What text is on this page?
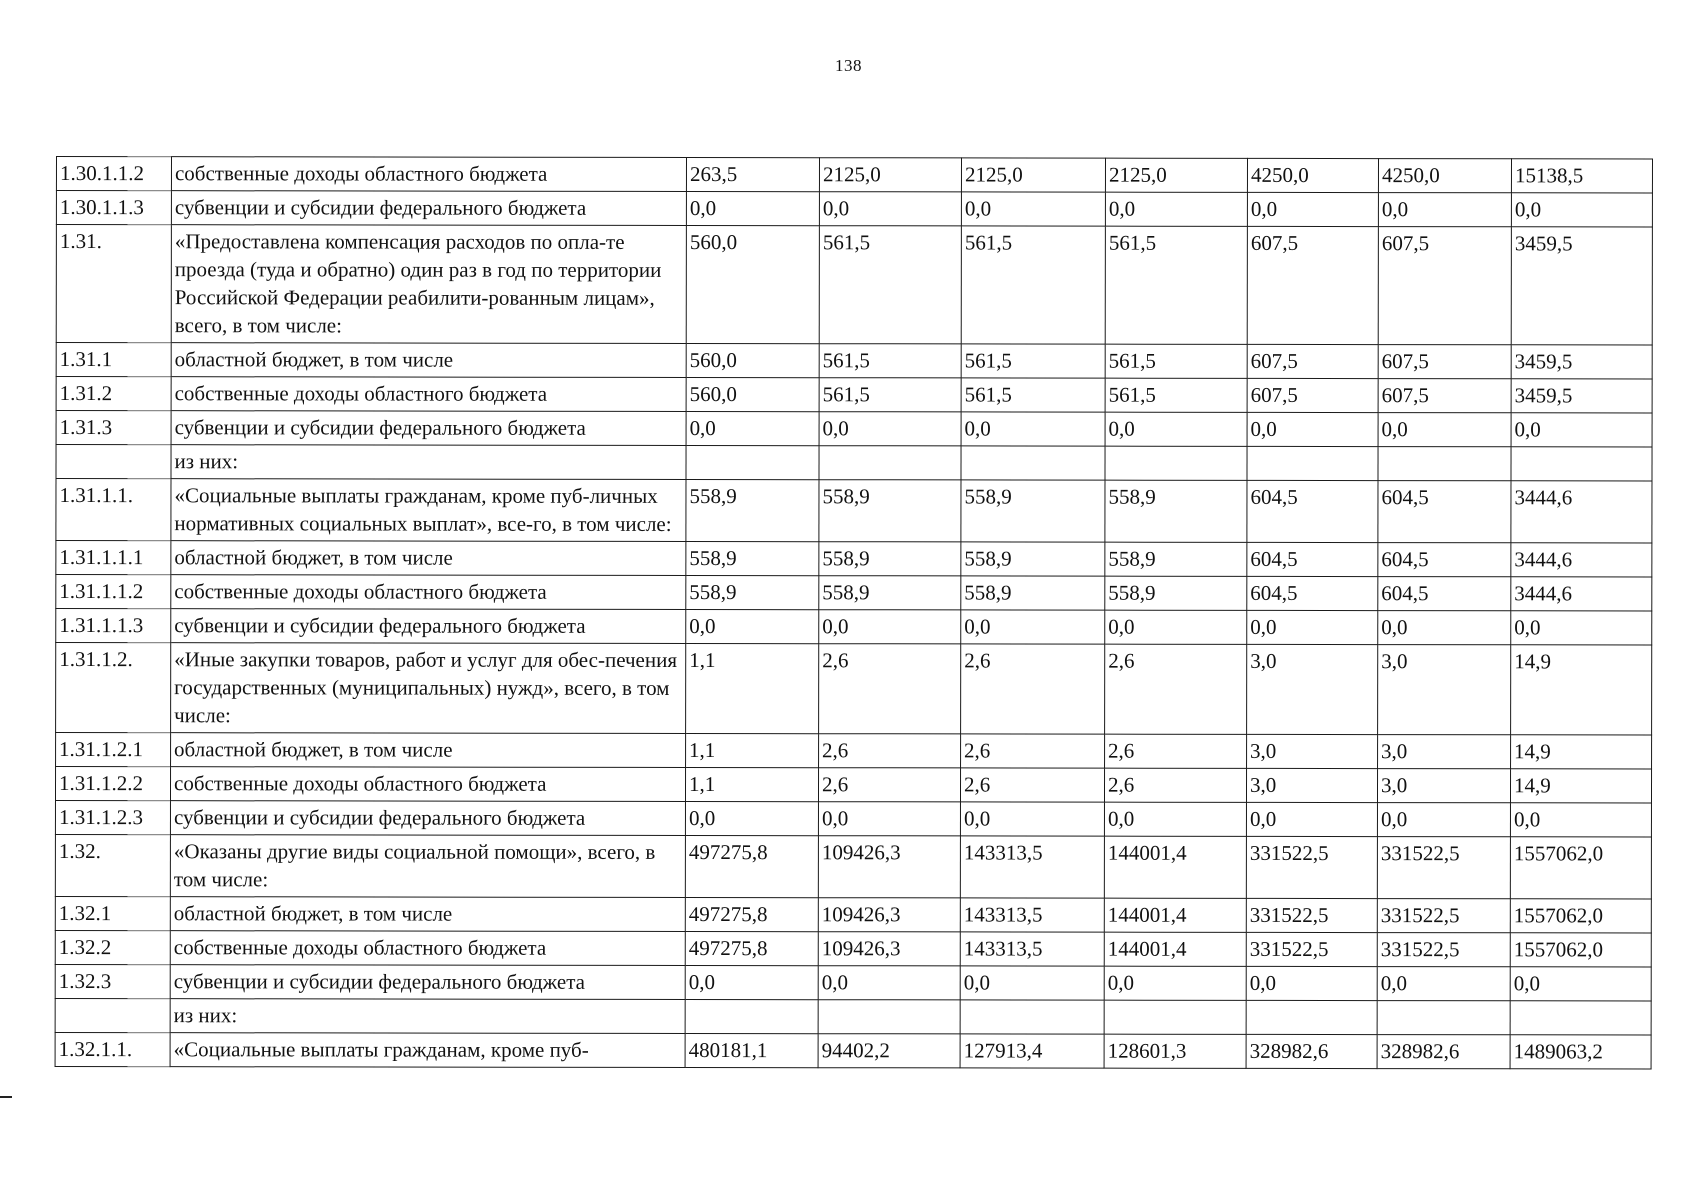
138
1.30.1.1.2	собственные доходы областного бюджета	263,5	2125,0	2125,0	2125,0	4250,0	4250,0	15138,5
1.30.1.1.3	субвенции и субсидии федерального бюджета	0,0	0,0	0,0	0,0	0,0	0,0	0,0
1.31.	«Предоставлена компенсация расходов по опла-те проезда (туда и обратно) один раз в год по территории Российской Федерации реабилити-рованным лицам», всего, в том числе:	560,0	561,5	561,5	561,5	607,5	607,5	3459,5
1.31.1	областной бюджет, в том числе	560,0	561,5	561,5	561,5	607,5	607,5	3459,5
1.31.2	собственные доходы областного бюджета	560,0	561,5	561,5	561,5	607,5	607,5	3459,5
1.31.3	субвенции и субсидии федерального бюджета	0,0	0,0	0,0	0,0	0,0	0,0	0,0
	из них:							
1.31.1.1.	«Социальные выплаты гражданам, кроме пуб-личных нормативных социальных выплат», все-го, в том числе:	558,9	558,9	558,9	558,9	604,5	604,5	3444,6
1.31.1.1.1	областной бюджет, в том числе	558,9	558,9	558,9	558,9	604,5	604,5	3444,6
1.31.1.1.2	собственные доходы областного бюджета	558,9	558,9	558,9	558,9	604,5	604,5	3444,6
1.31.1.1.3	субвенции и субсидии федерального бюджета	0,0	0,0	0,0	0,0	0,0	0,0	0,0
1.31.1.2.	«Иные закупки товаров, работ и услуг для обес-печения государственных (муниципальных) нужд», всего, в том числе:	1,1	2,6	2,6	2,6	3,0	3,0	14,9
1.31.1.2.1	областной бюджет, в том числе	1,1	2,6	2,6	2,6	3,0	3,0	14,9
1.31.1.2.2	собственные доходы областного бюджета	1,1	2,6	2,6	2,6	3,0	3,0	14,9
1.31.1.2.3	субвенции и субсидии федерального бюджета	0,0	0,0	0,0	0,0	0,0	0,0	0,0
1.32.	«Оказаны другие виды социальной помощи», всего, в том числе:	497275,8	109426,3	143313,5	144001,4	331522,5	331522,5	1557062,0
1.32.1	областной бюджет, в том числе	497275,8	109426,3	143313,5	144001,4	331522,5	331522,5	1557062,0
1.32.2	собственные доходы областного бюджета	497275,8	109426,3	143313,5	144001,4	331522,5	331522,5	1557062,0
1.32.3	субвенции и субсидии федерального бюджета	0,0	0,0	0,0	0,0	0,0	0,0	0,0
	из них:							
1.32.1.1.	«Социальные выплаты гражданам, кроме пуб-	480181,1	94402,2	127913,4	128601,3	328982,6	328982,6	1489063,2
